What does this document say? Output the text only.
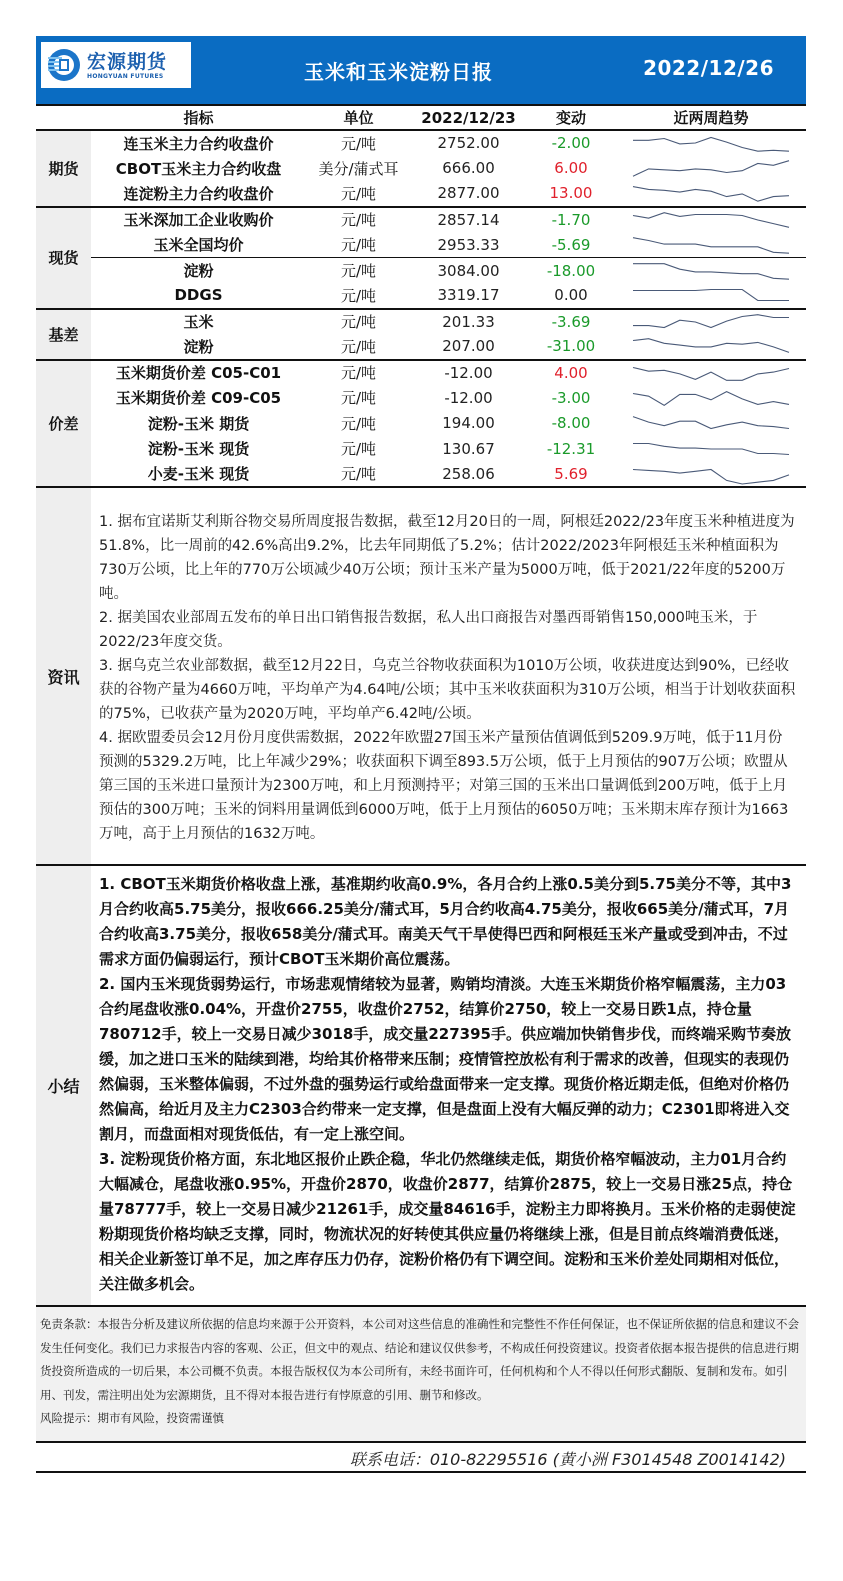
宏源期货
HONGYUAN FUTURES	玉米和玉米淀粉日报	2022/12/26
	指标	单位	2022/12/23	变动	近两周趋势
期货	连玉米主力合约收盘价	元/吨	2752.00	-2.00	

	CBOT玉米主力合约收盘	美分/蒲式耳	666.00	6.00	

	连淀粉主力合约收盘价	元/吨	2877.00	13.00	

现货	玉米深加工企业收购价	元/吨	2857.14	-1.70	

	玉米全国均价	元/吨	2953.33	-5.69	

	淀粉	元/吨	3084.00	-18.00	

	DDGS	元/吨	3319.17	0.00	

基差	玉米	元/吨	201.33	-3.69	

	淀粉	元/吨	207.00	-31.00	

价差	玉米期货价差 C05-C01	元/吨	-12.00	4.00	

	玉米期货价差 C09-C05	元/吨	-12.00	-3.00	

	淀粉-玉米 期货	元/吨	194.00	-8.00	

	淀粉-玉米 现货	元/吨	130.67	-12.31	

	小麦-玉米 现货	元/吨	258.06	5.69	
资讯

1. 据布宜诺斯艾利斯谷物交易所周度报告数据，截至12月20日的一周，阿根廷2022/23年度玉米种植进度为51.8%，比一周前的42.6%高出9.2%，比去年同期低了5.2%；估计2022/2023年阿根廷玉米种植面积为730万公顷，比上年的770万公顷减少40万公顷；预计玉米产量为5000万吨，低于2021/22年度的5200万吨。

2. 据美国农业部周五发布的单日出口销售报告数据，私人出口商报告对墨西哥销售150,000吨玉米，于2022/23年度交货。

3. 据乌克兰农业部数据，截至12月22日，乌克兰谷物收获面积为1010万公顷，收获进度达到90%，已经收获的谷物产量为4660万吨，平均单产为4.64吨/公顷；其中玉米收获面积为310万公顷，相当于计划收获面积的75%，已收获产量为2020万吨，平均单产6.42吨/公顷。

4. 据欧盟委员会12月份月度供需数据，2022年欧盟27国玉米产量预估值调低到5209.9万吨，低于11月份预测的5329.2万吨，比上年减少29%；收获面积下调至893.5万公顷，低于上月预估的907万公顷；欧盟从第三国的玉米进口量预计为2300万吨，和上月预测持平；对第三国的玉米出口量调低到200万吨，低于上月预估的300万吨；玉米的饲料用量调低到6000万吨，低于上月预估的6050万吨；玉米期末库存预计为1663万吨，高于上月预估的1632万吨。

小结

1. CBOT玉米期货价格收盘上涨，基准期约收高0.9%，各月合约上涨0.5美分到5.75美分不等，其中3月合约收高5.75美分，报收666.25美分/蒲式耳，5月合约收高4.75美分，报收665美分/蒲式耳，7月合约收高3.75美分，报收658美分/蒲式耳。南美天气干旱使得巴西和阿根廷玉米产量或受到冲击，不过需求方面仍偏弱运行，预计CBOT玉米期价高位震荡。

2. 国内玉米现货弱势运行，市场悲观情绪较为显著，购销均清淡。大连玉米期货价格窄幅震荡，主力03合约尾盘收涨0.04%，开盘价2755，收盘价2752，结算价2750，较上一交易日跌1点，持仓量780712手，较上一交易日减少3018手，成交量227395手。供应端加快销售步伐，而终端采购节奏放缓，加之进口玉米的陆续到港，均给其价格带来压制；疫情管控放松有利于需求的改善，但现实的表现仍然偏弱，玉米整体偏弱，不过外盘的强势运行或给盘面带来一定支撑。现货价格近期走低，但绝对价格仍然偏高，给近月及主力C2303合约带来一定支撑，但是盘面上没有大幅反弹的动力；C2301即将进入交割月，而盘面相对现货低估，有一定上涨空间。

3. 淀粉现货价格方面，东北地区报价止跌企稳，华北仍然继续走低，期货价格窄幅波动，主力01月合约大幅减仓，尾盘收涨0.95%，开盘价2870，收盘价2877，结算价2875，较上一交易日涨25点，持仓量78777手，较上一交易日减少21261手，成交量84616手，淀粉主力即将换月。玉米价格的走弱使淀粉期现货价格均缺乏支撑，同时，物流状况的好转使其供应量仍将继续上涨，但是目前点终端消费低迷，相关企业新签订单不足，加之库存压力仍存，淀粉价格仍有下调空间。淀粉和玉米价差处同期相对低位，关注做多机会。

免责条款：本报告分析及建议所依据的信息均来源于公开资料，本公司对这些信息的准确性和完整性不作任何保证，也不保证所依据的信息和建议不会发生任何变化。我们已力求报告内容的客观、公正，但文中的观点、结论和建议仅供参考，不构成任何投资建议。投资者依据本报告提供的信息进行期货投资所造成的一切后果，本公司概不负责。本报告版权仅为本公司所有，未经书面许可，任何机构和个人不得以任何形式翻版、复制和发布。如引用、刊发，需注明出处为宏源期货，且不得对本报告进行有悖原意的引用、删节和修改。
风险提示：期市有风险，投资需谨慎
联系电话：010-82295516 (黄小洲 F3014548 Z0014142)
